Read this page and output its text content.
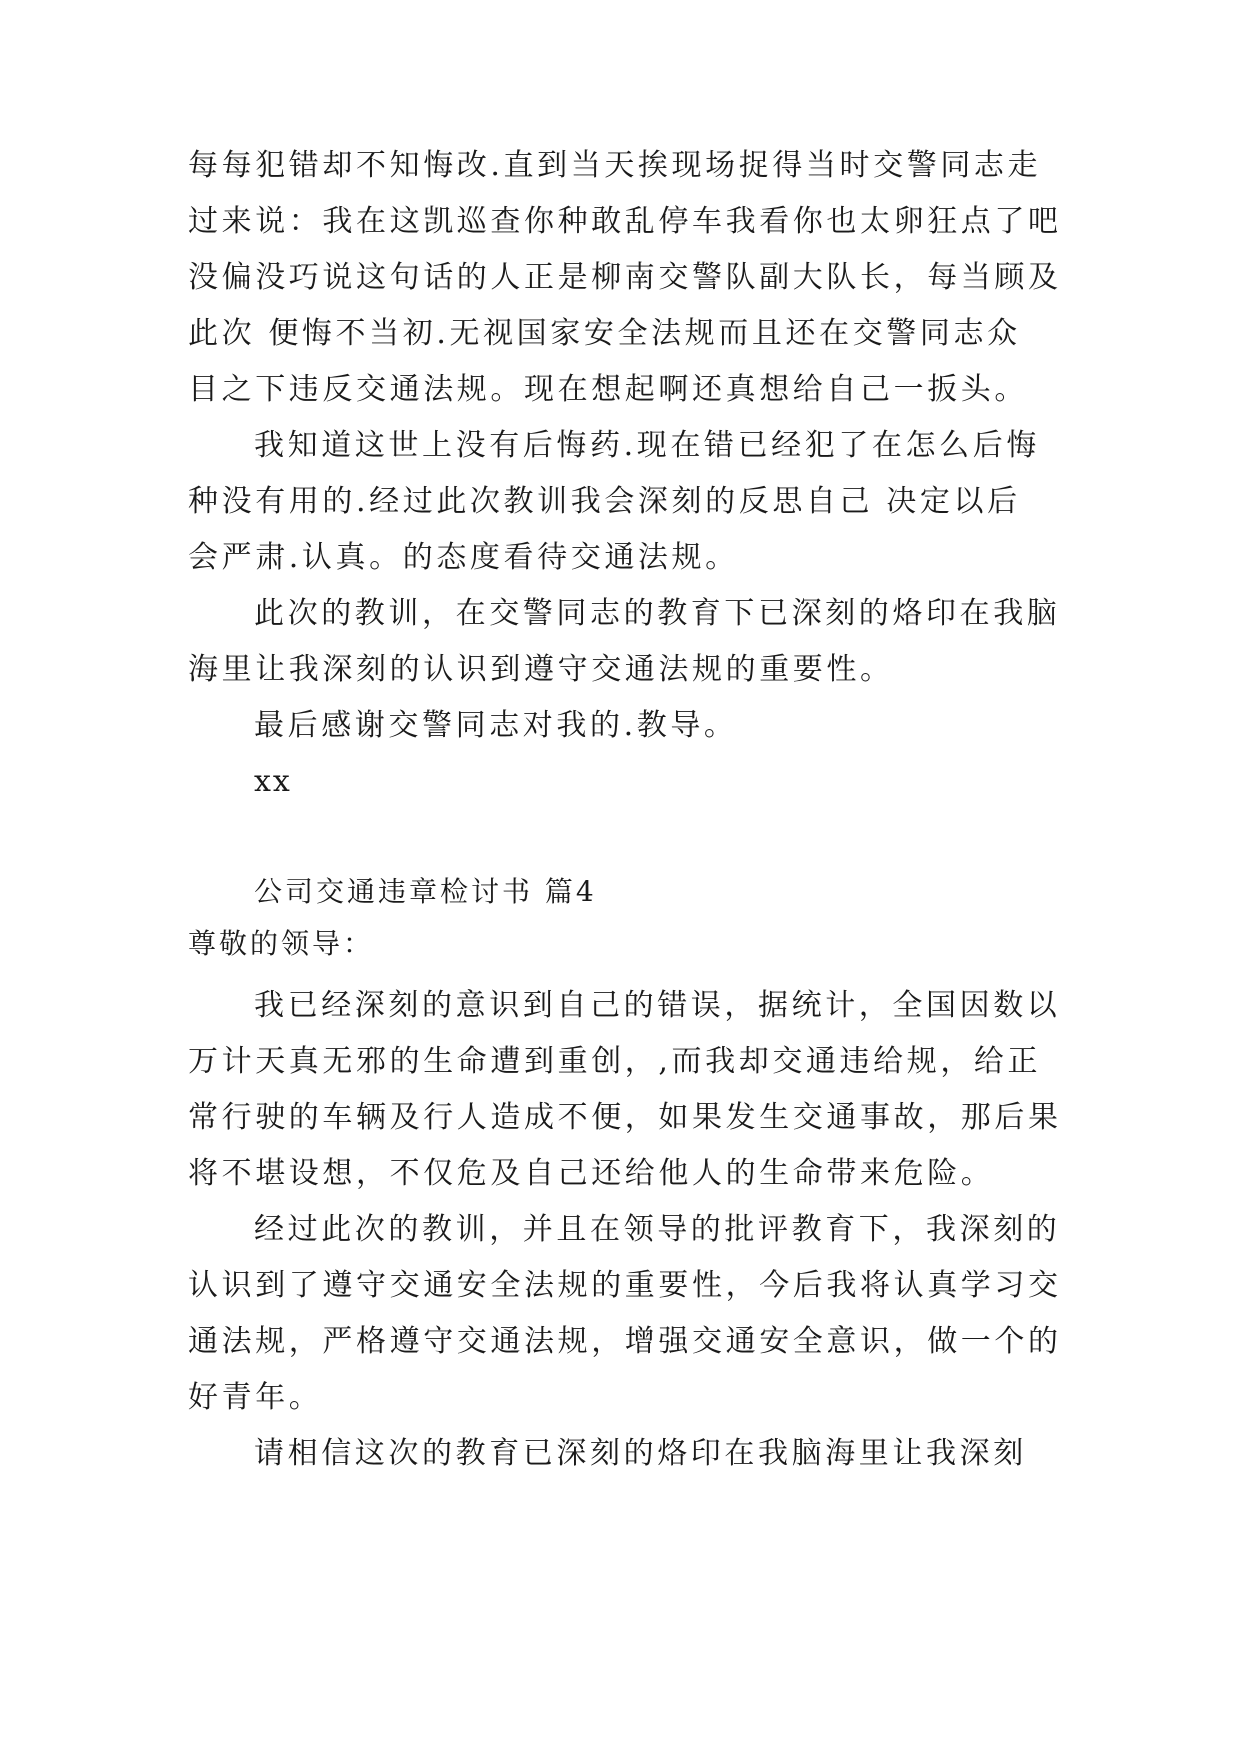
每每犯错却不知悔改.直到当天挨现场捉得当时交警同志走
过来说：我在这凯巡查你种敢乱停车我看你也太卵狂点了吧
没偏没巧说这句话的人正是柳南交警队副大队长，每当顾及
此次 便悔不当初.无视国家安全法规而且还在交警同志众
目之下违反交通法规。现在想起啊还真想给自己一扳头。
我知道这世上没有后悔药.现在错已经犯了在怎么后悔
种没有用的.经过此次教训我会深刻的反思自己 决定以后
会严肃.认真。的态度看待交通法规。
此次的教训，在交警同志的教育下已深刻的烙印在我脑
海里让我深刻的认识到遵守交通法规的重要性。
最后感谢交警同志对我的.教导。
xx
公司交通违章检讨书 篇4
尊敬的领导：
我已经深刻的意识到自己的错误，据统计，全国因数以
万计天真无邪的生命遭到重创，,而我却交通违给规，给正
常行驶的车辆及行人造成不便，如果发生交通事故，那后果
将不堪设想，不仅危及自己还给他人的生命带来危险。
经过此次的教训，并且在领导的批评教育下，我深刻的
认识到了遵守交通安全法规的重要性，今后我将认真学习交
通法规，严格遵守交通法规，增强交通安全意识，做一个的
好青年。
请相信这次的教育已深刻的烙印在我脑海里让我深刻
